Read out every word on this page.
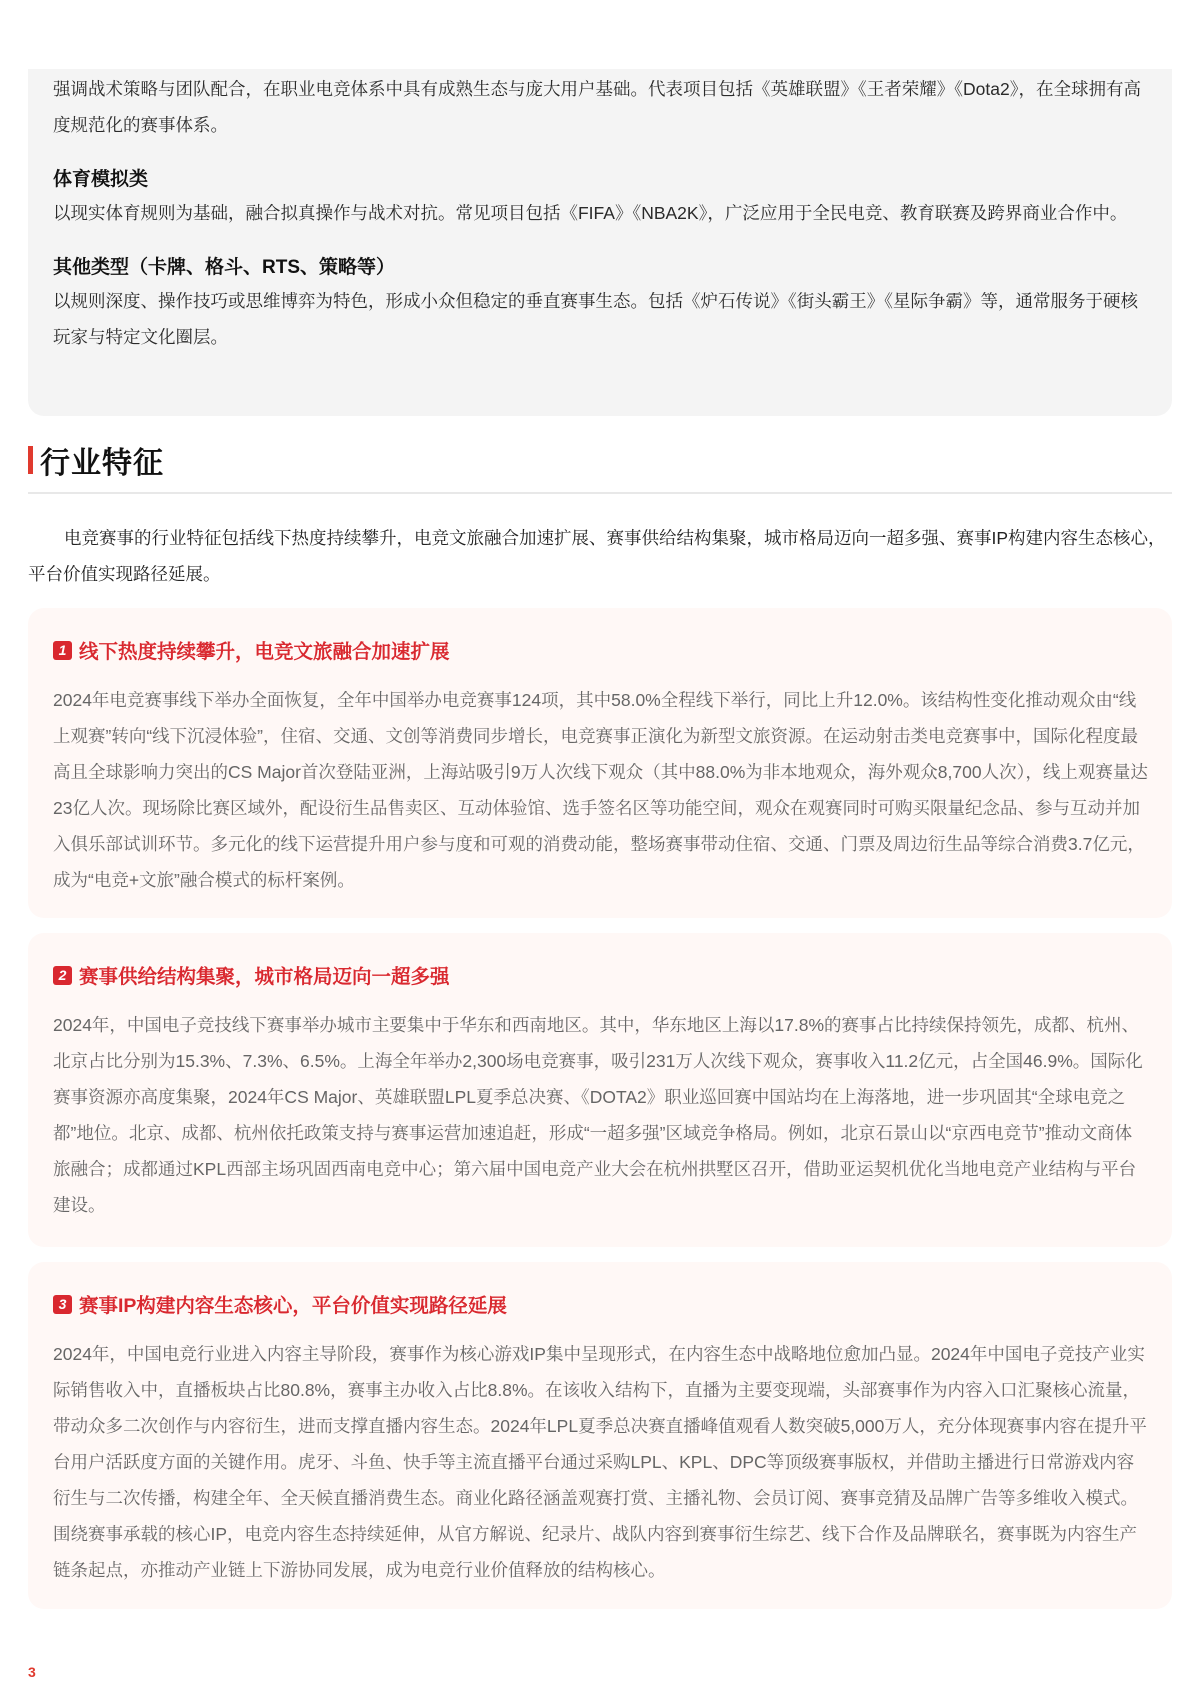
强调战术策略与团队配合，在职业电竞体系中具有成熟生态与庞大用户基础。代表项目包括《英雄联盟》《王者荣耀》《Dota2》，在全球拥有高度规范化的赛事体系。

体育模拟类

以现实体育规则为基础，融合拟真操作与战术对抗。常见项目包括《FIFA》《NBA2K》，广泛应用于全民电竞、教育联赛及跨界商业合作中。

其他类型（卡牌、格斗、RTS、策略等）

以规则深度、操作技巧或思维博弈为特色，形成小众但稳定的垂直赛事生态。包括《炉石传说》《街头霸王》《星际争霸》等，通常服务于硬核玩家与特定文化圈层。

行业特征

电竞赛事的行业特征包括线下热度持续攀升，电竞文旅融合加速扩展、赛事供给结构集聚，城市格局迈向一超多强、赛事IP构建内容生态核心，平台价值实现路径延展。

1 线下热度持续攀升，电竞文旅融合加速扩展

2024年电竞赛事线下举办全面恢复，全年中国举办电竞赛事124项，其中58.0%全程线下举行，同比上升12.0%。该结构性变化推动观众由“线上观赛”转向“线下沉浸体验”，住宿、交通、文创等消费同步增长，电竞赛事正演化为新型文旅资源。在运动射击类电竞赛事中，国际化程度最高且全球影响力突出的CS Major首次登陆亚洲，上海站吸引9万人次线下观众（其中88.0%为非本地观众，海外观众8,700人次），线上观赛量达23亿人次。现场除比赛区域外，配设衍生品售卖区、互动体验馆、选手签名区等功能空间，观众在观赛同时可购买限量纪念品、参与互动并加入俱乐部试训环节。多元化的线下运营提升用户参与度和可观的消费动能，整场赛事带动住宿、交通、门票及周边衍生品等综合消费3.7亿元，成为“电竞+文旅”融合模式的标杆案例。

2 赛事供给结构集聚，城市格局迈向一超多强

2024年，中国电子竞技线下赛事举办城市主要集中于华东和西南地区。其中，华东地区上海以17.8%的赛事占比持续保持领先，成都、杭州、北京占比分别为15.3%、7.3%、6.5%。上海全年举办2,300场电竞赛事，吸引231万人次线下观众，赛事收入11.2亿元，占全国46.9%。国际化赛事资源亦高度集聚，2024年CS Major、英雄联盟LPL夏季总决赛、《DOTA2》职业巡回赛中国站均在上海落地，进一步巩固其“全球电竞之都”地位。北京、成都、杭州依托政策支持与赛事运营加速追赶，形成“一超多强”区域竞争格局。例如，北京石景山以“京西电竞节”推动文商体旅融合；成都通过KPL西部主场巩固西南电竞中心；第六届中国电竞产业大会在杭州拱墅区召开，借助亚运契机优化当地电竞产业结构与平台建设。

3 赛事IP构建内容生态核心，平台价值实现路径延展

2024年，中国电竞行业进入内容主导阶段，赛事作为核心游戏IP集中呈现形式，在内容生态中战略地位愈加凸显。2024年中国电子竞技产业实际销售收入中，直播板块占比80.8%，赛事主办收入占比8.8%。在该收入结构下，直播为主要变现端，头部赛事作为内容入口汇聚核心流量，带动众多二次创作与内容衍生，进而支撑直播内容生态。2024年LPL夏季总决赛直播峰值观看人数突破5,000万人，充分体现赛事内容在提升平台用户活跃度方面的关键作用。虎牙、斗鱼、快手等主流直播平台通过采购LPL、KPL、DPC等顶级赛事版权，并借助主播进行日常游戏内容衍生与二次传播，构建全年、全天候直播消费生态。商业化路径涵盖观赛打赏、主播礼物、会员订阅、赛事竞猜及品牌广告等多维收入模式。围绕赛事承载的核心IP，电竞内容生态持续延伸，从官方解说、纪录片、战队内容到赛事衍生综艺、线下合作及品牌联名，赛事既为内容生产链条起点，亦推动产业链上下游协同发展，成为电竞行业价值释放的结构核心。

3
